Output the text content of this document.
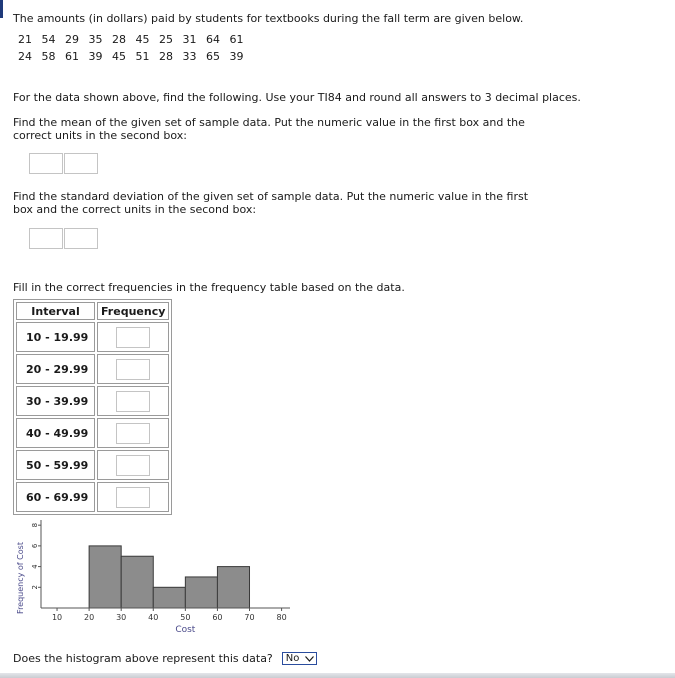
The amounts (in dollars) paid by students for textbooks during the fall term are given below.

21 54 29 35 28 45 25 31 64 61
24 58 61 39 45 51 28 33 65 39

For the data shown above, find the following. Use your TI84 and round all answers to 3 decimal places.

Find the mean of the given set of sample data. Put the numeric value in the first box and the correct units in the second box:

Find the standard deviation of the given set of sample data. Put the numeric value in the first box and the correct units in the second box:

Fill in the correct frequencies in the frequency table based on the data.

Interval	Frequency
10 - 19.99	
20 - 29.99	
30 - 39.99	
40 - 49.99	
50 - 59.99	
60 - 69.99	
10	20	30	40	50	60	70	80
2
4
6
8
Cost
Frequency of Cost
Does the histogram above represent this data? No
